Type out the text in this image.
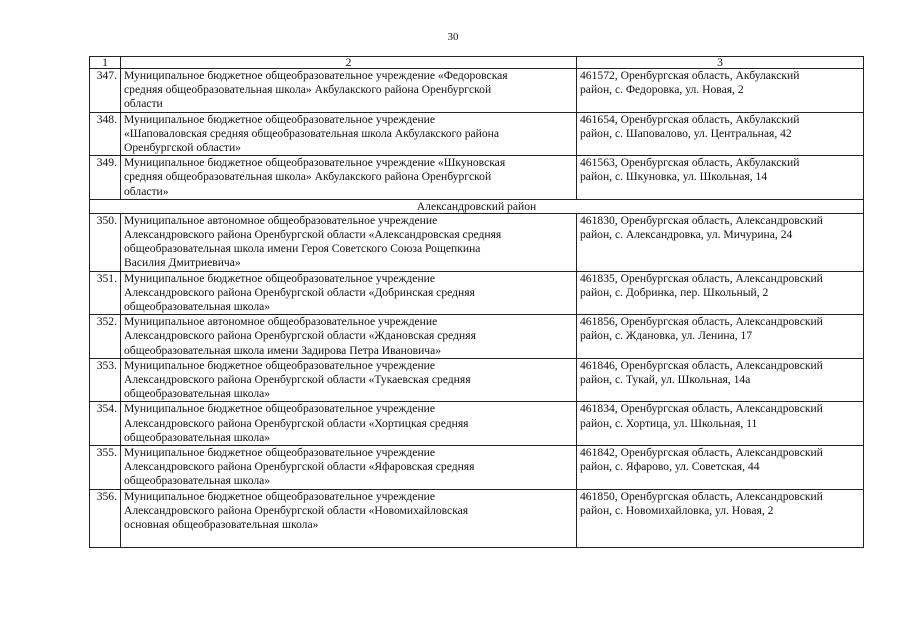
30
1	2	3
347.	Муниципальное бюджетное общеобразовательное учреждение «Федоровская
средняя общеобразовательная школа» Акбулакского района Оренбургской
области	461572, Оренбургская область, Акбулакский
район, с. Федоровка, ул. Новая, 2
348.	Муниципальное бюджетное общеобразовательное учреждение
«Шаповаловская средняя общеобразовательная школа Акбулакского района
Оренбургской области»	461654, Оренбургская область, Акбулакский
район, с. Шаповалово, ул. Центральная, 42
349.	Муниципальное бюджетное общеобразовательное учреждение «Шкуновская
средняя общеобразовательная школа» Акбулакского района Оренбургской
области»	461563, Оренбургская область, Акбулакский
район, с. Шкуновка, ул. Школьная, 14
Александровский район		
350.	Муниципальное автономное общеобразовательное учреждение
Александровского района Оренбургской области «Александровская средняя
общеобразовательная школа имени Героя Советского Союза Рощепкина
Василия Дмитриевича»	461830, Оренбургская область, Александровский
район, с. Александровка, ул. Мичурина, 24
351.	Муниципальное бюджетное общеобразовательное учреждение
Александровского района Оренбургской области «Добринская средняя
общеобразовательная школа»	461835, Оренбургская область, Александровский
район, с. Добринка, пер. Школьный, 2
352.	Муниципальное автономное общеобразовательное учреждение
Александровского района Оренбургской области «Ждановская средняя
общеобразовательная школа имени Задирова Петра Ивановича»	461856, Оренбургская область, Александровский
район, с. Ждановка, ул. Ленина, 17
353.	Муниципальное бюджетное общеобразовательное учреждение
Александровского района Оренбургской области «Тукаевская средняя
общеобразовательная школа»	461846, Оренбургская область, Александровский
район, с. Тукай, ул. Школьная, 14а
354.	Муниципальное бюджетное общеобразовательное учреждение
Александровского района Оренбургской области «Хортицкая средняя
общеобразовательная школа»	461834, Оренбургская область, Александровский
район, с. Хортица, ул. Школьная, 11
355.	Муниципальное бюджетное общеобразовательное учреждение
Александровского района Оренбургской области «Яфаровская средняя
общеобразовательная школа»	461842, Оренбургская область, Александровский
район, с. Яфарово, ул. Советская, 44
356.	Муниципальное бюджетное общеобразовательное учреждение
Александровского района Оренбургской области «Новомихайловская
основная общеобразовательная школа»	461850, Оренбургская область, Александровский
район, с. Новомихайловка, ул. Новая, 2
